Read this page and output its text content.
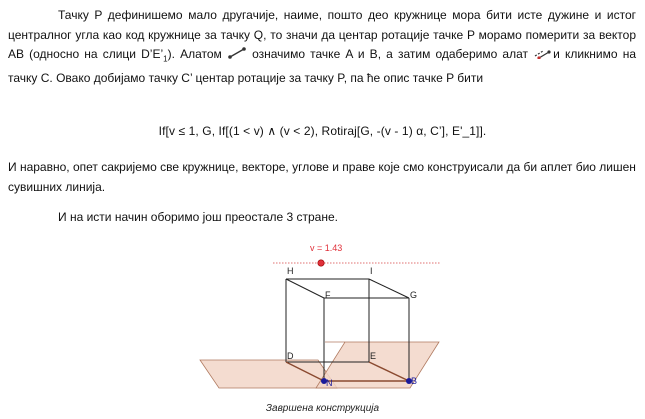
Тачку P дефинишемо мало другачије, наиме, пошто део кружнице мора бити исте дужине и истог централног угла као код кружнице за тачку Q, то значи да центар ротације тачке P морамо померити за вектор AB (односно на слици $D’E’_1$). Алатом	означимо тачке A и B, а затим одаберимо алат и кликнимо на тачку C. Овако добијамо тачку C’ центар ротације за тачку P, па ће опис тачке P бити
If[v ≤ 1, G, If[(1 < v) ∧ (v < 2), Rotiraj[G, -(v - 1) α, C’], E'_1]].
И наравно, опет сакријемо све кружнице, векторе, углове и праве које смо конструисали да би аплет био лишен сувишних линија.
И на исти начин оборимо још преостале 3 стране.
v = 1.43
H	I
F	G
D	E
N	B
Завршена конструкција
